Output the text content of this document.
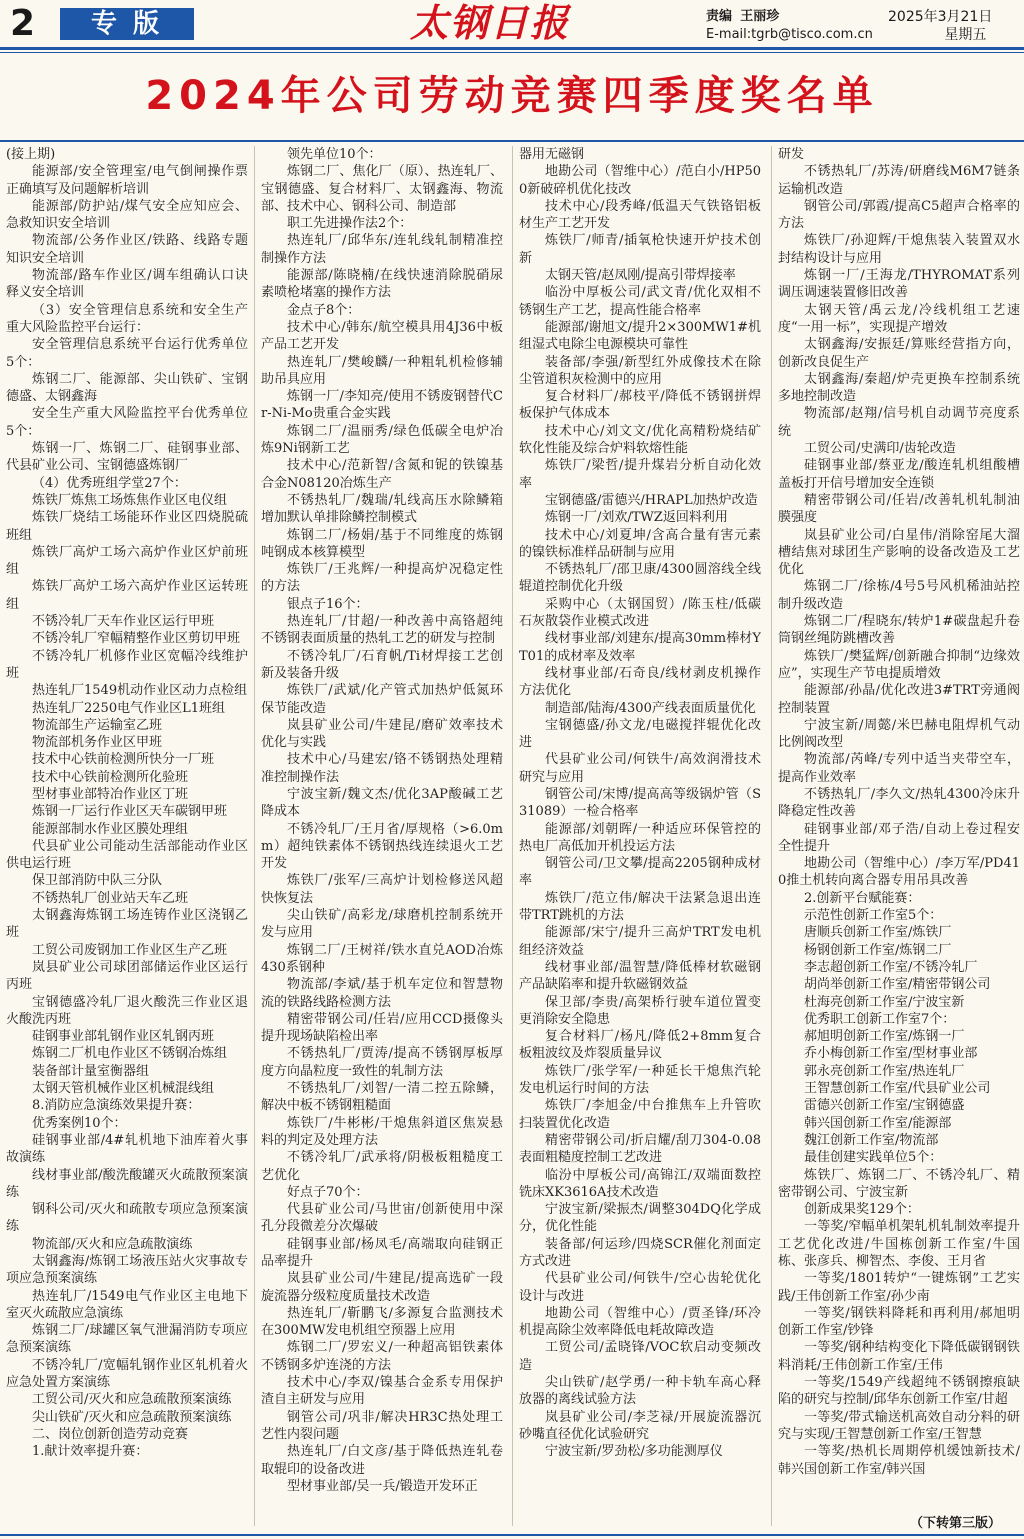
2	专版	太钢日报	责编 王丽珍
E-mail:tgrb@tisco.com.cn
2025年3月21日
星期五
2024年公司劳动竞赛四季度奖名单

(接上期)

能源部/安全管理室/电气倒闸操作票正确填写及问题解析培训

能源部/防护站/煤气安全应知应会、急救知识安全培训

物流部/公务作业区/铁路、线路专题知识安全培训

物流部/路车作业区/调车组确认口诀释义安全培训

（3）安全管理信息系统和安全生产重大风险监控平台运行：

安全管理信息系统平台运行优秀单位5个：

炼钢二厂、能源部、尖山铁矿、宝钢德盛、太钢鑫海

安全生产重大风险监控平台优秀单位5个：

炼钢一厂、炼钢二厂、硅钢事业部、代县矿业公司、宝钢德盛炼钢厂

（4）优秀班组学堂27个：

炼铁厂炼焦工场炼焦作业区电仪组

炼铁厂烧结工场能环作业区四烧脱硫班组

炼铁厂高炉工场六高炉作业区炉前班组

炼铁厂高炉工场六高炉作业区运转班组

不锈冷轧厂天车作业区运行甲班

不锈冷轧厂窄幅精整作业区剪切甲班

不锈冷轧厂机修作业区宽幅冷线维护班

热连轧厂1549机动作业区动力点检组

热连轧厂2250电气作业区L1班组

物流部生产运输室乙班

物流部机务作业区甲班

技术中心铁前检测所快分一厂班

技术中心铁前检测所化验班

型材事业部特冶作业区丁班

炼钢一厂运行作业区天车碳钢甲班

能源部制水作业区膜处理组

代县矿业公司能动生活部能动作业区供电运行班

保卫部消防中队三分队

不锈热轧厂创业站天车乙班

太钢鑫海炼钢工场连铸作业区浇钢乙班

工贸公司废钢加工作业区生产乙班

岚县矿业公司球团部储运作业区运行丙班

宝钢德盛冷轧厂退火酸洗三作业区退火酸洗丙班

硅钢事业部轧钢作业区轧钢丙班

炼钢二厂机电作业区不锈钢冶炼组

装备部计量室衡器组

太钢天管机械作业区机械混线组

8.消防应急演练效果提升赛：

优秀案例10个：

硅钢事业部/4#轧机地下油库着火事故演练

线材事业部/酸洗酸罐灭火疏散预案演练

钢科公司/灭火和疏散专项应急预案演练

物流部/灭火和应急疏散演练

太钢鑫海/炼钢工场液压站火灾事故专项应急预案演练

热连轧厂/1549电气作业区主电地下室灭火疏散应急演练

炼钢二厂/球罐区氧气泄漏消防专项应急预案演练

不锈冷轧厂/宽幅轧钢作业区轧机着火应急处置方案演练

工贸公司/灭火和应急疏散预案演练

尖山铁矿/灭火和应急疏散预案演练

二、岗位创新创造劳动竞赛

1.献计效率提升赛：

领先单位10个：

炼钢二厂、焦化厂（原）、热连轧厂、宝钢德盛、复合材料厂、太钢鑫海、物流部、技术中心、钢科公司、制造部

职工先进操作法2个：

热连轧厂/邱华东/连轧线轧制精准控制操作方法

能源部/陈晓楠/在线快速消除脱硝尿素喷枪堵塞的操作方法

金点子8个：

技术中心/韩东/航空模具用4J36中板产品工艺开发

热连轧厂/樊峻麟/一种粗轧机检修辅助吊具应用

炼钢一厂/李知亮/使用不锈废钢替代Cr-Ni-Mo贵重合金实践

炼钢二厂/温丽秀/绿色低碳全电炉冶炼9Ni钢新工艺

技术中心/范新智/含氮和铌的铁镍基合金N08120冶炼生产

不锈热轧厂/魏瑞/轧线高压水除鳞箱增加默认单排除鳞控制模式

炼钢二厂/杨娟/基于不同维度的炼钢吨钢成本核算模型

炼铁厂/王兆辉/一种提高炉况稳定性的方法

银点子16个：

热连轧厂/甘超/一种改善中高铬超纯不锈钢表面质量的热轧工艺的研发与控制

不锈冷轧厂/石育帆/Ti材焊接工艺创新及装备升级

炼铁厂/武斌/化产管式加热炉低氮环保节能改造

岚县矿业公司/牛建昆/磨矿效率技术优化与实践

技术中心/马建宏/铬不锈钢热处理精准控制操作法

宁波宝新/魏文杰/优化3AP酸碱工艺降成本

不锈冷轧厂/王月省/厚规格（>6.0mm）超纯铁素体不锈钢热线连续退火工艺开发

炼铁厂/张军/三高炉计划检修送风超快恢复法

尖山铁矿/高彩龙/球磨机控制系统开发与应用

炼钢二厂/王树祥/铁水直兑AOD冶炼430系钢种

物流部/李斌/基于机车定位和智慧物流的铁路线路检测方法

精密带钢公司/任岩/应用CCD摄像头提升现场缺陷检出率

不锈热轧厂/贾涛/提高不锈钢厚板厚度方向晶粒度一致性的轧制方法

不锈热轧厂/刘智/一清二控五除鳞，解决中板不锈钢粗糙面

炼铁厂/牛彬彬/干熄焦斜道区焦炭悬料的判定及处理方法

不锈冷轧厂/武承将/阴极板粗糙度工艺优化

好点子70个：

代县矿业公司/马世宙/创新使用中深孔分段微差分次爆破

硅钢事业部/杨凤毛/高端取向硅钢正品率提升

岚县矿业公司/牛建昆/提高选矿一段旋流器分级粒度质量技术改造

热连轧厂/靳鹏飞/多源复合监测技术在300MW发电机组空预器上应用

炼钢二厂/罗宏义/一种超高铝铁素体不锈钢多炉连浇的方法

技术中心/李双/镍基合金系专用保护渣自主研发与应用

钢管公司/巩非/解决HR3C热处理工艺性内裂问题

热连轧厂/白文彦/基于降低热连轧卷取辊印的设备改进

型材事业部/吴一兵/锻造开发环正

器用无磁钢

地勘公司（智维中心）/范白小/HP500新破碎机优化技改

技术中心/段秀峰/低温天气铁铬铝板材生产工艺开发

炼铁厂/师青/插氧枪快速开炉技术创新

太钢天管/赵凤刚/提高引带焊接率

临汾中厚板公司/武文青/优化双相不锈钢生产工艺，提高性能合格率

能源部/谢旭文/提升2×300MW1#机组湿式电除尘电源模块可靠性

装备部/李强/新型红外成像技术在除尘管道积灰检测中的应用

复合材料厂/郝枝平/降低不锈钢拼焊板保护气体成本

技术中心/刘文文/优化高精粉烧结矿软化性能及综合炉料软熔性能

炼铁厂/梁哲/提升煤岩分析自动化效率

宝钢德盛/雷德兴/HRAPL加热炉改造

炼钢一厂/刘欢/TWZ返回料利用

技术中心/刘夏坤/含高合量有害元素的镍铁标准样品研制与应用

不锈热轧厂/邵卫康/4300圆溶线全线辊道控制优化升级

采购中心（太钢国贸）/陈玉柱/低碳石灰散袋作业模式改进

线材事业部/刘建东/提高30mm棒材YT01的成材率及效率

线材事业部/石奇良/线材剥皮机操作方法优化

制造部/陆海/4300产线表面质量优化

宝钢德盛/孙文龙/电磁搅拌辊优化改进

代县矿业公司/何铁牛/高效润滑技术研究与应用

钢管公司/宋博/提高高等级锅炉管（S31089）一检合格率

能源部/刘朝晖/一种适应环保管控的热电厂高低加开机投运方法

钢管公司/卫文攀/提高2205钢种成材率

炼铁厂/范立伟/解决干法紧急退出连带TRT跳机的方法

能源部/宋宁/提升三高炉TRT发电机组经济效益

线材事业部/温智慧/降低棒材软磁钢产品缺陷率和提升软磁钢效益

保卫部/李贵/高架桥行驶车道位置变更消除安全隐患

复合材料厂/杨凡/降低2+8mm复合板粗波纹及炸裂质量异议

炼铁厂/张学军/一种延长干熄焦汽轮发电机运行时间的方法

炼铁厂/李旭金/中台推焦车上升管吹扫装置优化改造

精密带钢公司/折启耀/刮刀304-0.08表面粗糙度控制工艺改进

临汾中厚板公司/高锦江/双端面数控铣床XK3616A技术改造

宁波宝新/梁振杰/调整304DQ化学成分，优化性能

装备部/何运珍/四烧SCR催化剂面定方式改进

代县矿业公司/何铁牛/空心齿轮优化设计与改进

地勘公司（智维中心）/贾圣锋/环冷机提高除尘效率降低电耗故障改造

工贸公司/孟晓锋/VOC软启动变频改造

尖山铁矿/赵学勇/一种卡轨车高心释放器的离线试验方法

岚县矿业公司/李芝禄/开展旋流器沉砂嘴直径优化试验研究

宁波宝新/罗劲松/多功能测厚仪

研发

不锈热轧厂/苏涛/研磨线M6M7链条运输机改造

钢管公司/郭霞/提高C5超声合格率的方法

炼铁厂/孙迎辉/干熄焦装入装置双水封结构设计与应用

炼钢一厂/王海龙/THYROMAT系列调压调速装置修旧改善

太钢天管/禹云龙/冷线机组工艺速度“一用一标”，实现提产增效

太钢鑫海/安振廷/算账经营指方向，创新改良促生产

太钢鑫海/秦超/炉壳更换车控制系统多地控制改造

物流部/赵翔/信号机自动调节亮度系统

工贸公司/史满印/齿轮改造

硅钢事业部/蔡亚龙/酸连轧机组酸槽盖板打开信号增加安全连锁

精密带钢公司/任岩/改善轧机轧制油膜强度

岚县矿业公司/白星伟/消除窑尾大溜槽结焦对球团生产影响的设备改造及工艺优化

炼钢二厂/徐栋/4号5号风机稀油站控制升级改造

炼钢二厂/程晓东/转炉1#碳盘起升卷筒钢丝绳防跳槽改善

炼铁厂/樊猛辉/创新融合抑制“边缘效应”，实现生产节电提质增效

能源部/孙晶/优化改进3#TRT旁通阀控制装置

宁波宝新/周懿/米巴赫电阻焊机气动比例阀改型

物流部/芮峰/专列中适当夹带空车，提高作业效率

不锈热轧厂/李久文/热轧4300冷床升降稳定性改善

硅钢事业部/邓子浩/自动上卷过程安全性提升

地勘公司（智维中心）/李万军/PD410推土机转向离合器专用吊具改善

2.创新平台赋能赛：

示范性创新工作室5个：

唐顺兵创新工作室/炼铁厂

杨钢创新工作室/炼钢二厂

李志超创新工作室/不锈冷轧厂

胡尚举创新工作室/精密带钢公司

杜海亮创新工作室/宁波宝新

优秀职工创新工作室7个：

郝旭明创新工作室/炼钢一厂

乔小梅创新工作室/型材事业部

郭永亮创新工作室/热连轧厂

王智慧创新工作室/代县矿业公司

雷德兴创新工作室/宝钢德盛

韩兴国创新工作室/能源部

魏江创新工作室/物流部

最佳创建实践单位5个：

炼铁厂、炼钢二厂、不锈冷轧厂、精密带钢公司、宁波宝新

创新成果奖129个：

一等奖/窄幅单机架轧机轧制效率提升工艺优化改进/牛国栋创新工作室/牛国栋、张彦兵、柳智杰、李俊、王月省

一等奖/1801转炉“一键炼钢”工艺实践/王伟创新工作室/孙少南

一等奖/钢铁料降耗和再利用/郝旭明创新工作室/钞锋

一等奖/钢种结构变化下降低碳钢钢铁料消耗/王伟创新工作室/王伟

一等奖/1549产线超纯不锈钢擦痕缺陷的研究与控制/邱华东创新工作室/甘超

一等奖/带式输送机高效自动分料的研究与实现/王智慧创新工作室/王智慧

一等奖/热机长周期停机缓蚀新技术/韩兴国创新工作室/韩兴国

（下转第三版）
